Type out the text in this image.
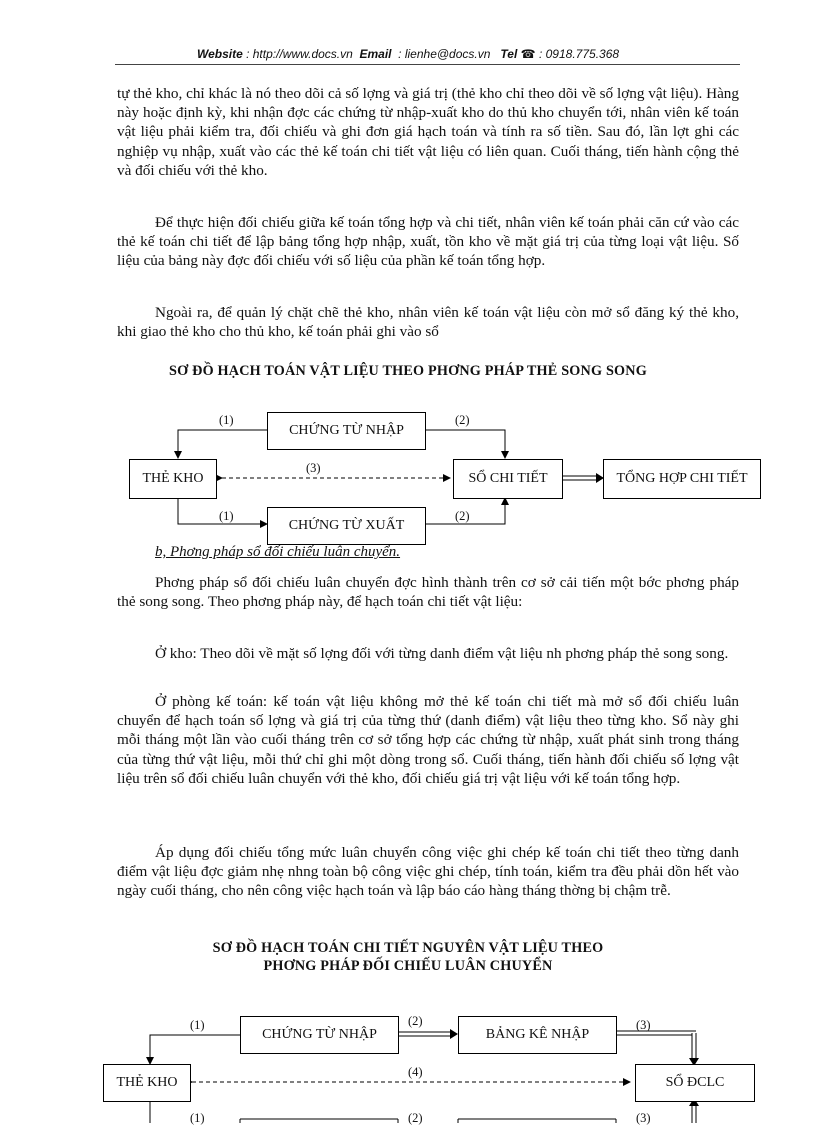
Website : http://www.docs.vn Email : lienhe@docs.vn Tel ☎ : 0918.775.368

tự thẻ kho, chỉ khác là nó theo dõi cả số lợng và giá trị (thẻ kho chỉ theo dõi về số lợng vật liệu). Hàng này hoặc định kỳ, khi nhận đợc các chứng từ nhập-xuất kho do thủ kho chuyển tới, nhân viên kế toán vật liệu phải kiểm tra, đối chiếu và ghi đơn giá hạch toán và tính ra số tiền. Sau đó, lần lợt ghi các nghiệp vụ nhập, xuất vào các thẻ kế toán chi tiết vật liệu có liên quan. Cuối tháng, tiến hành cộng thẻ và đối chiếu với thẻ kho.

Để thực hiện đối chiếu giữa kế toán tổng hợp và chi tiết, nhân viên kế toán phải căn cứ vào các thẻ kế toán chi tiết để lập bảng tổng hợp nhập, xuất, tồn kho về mặt giá trị của từng loại vật liệu. Số liệu của bảng này đợc đối chiếu với số liệu của phần kế toán tổng hợp.

Ngoài ra, để quản lý chặt chẽ thẻ kho, nhân viên kế toán vật liệu còn mở sổ đăng ký thẻ kho, khi giao thẻ kho cho thủ kho, kế toán phải ghi vào sổ

SƠ ĐỒ HẠCH TOÁN VẬT LIỆU THEO PHƠNG PHÁP THẺ SONG SONG
CHỨNG TỪ NHẬP
THẺ KHO	SỔ CHI TIẾT	TỔNG HỢP CHI TIẾT
CHỨNG TỪ XUẤT
(1)	(2)
(3)
(1)	(2)
b, Phơng pháp sổ đối chiếu luân chuyển.

Phơng pháp sổ đối chiếu luân chuyển đợc hình thành trên cơ sở cải tiến một bớc phơng pháp thẻ song song. Theo phơng pháp này, để hạch toán chi tiết vật liệu:

Ở kho: Theo dõi về mặt số lợng đối với từng danh điểm vật liệu nh phơng pháp thẻ song song.

Ở phòng kế toán: kế toán vật liệu không mở thẻ kế toán chi tiết mà mở sổ đối chiếu luân chuyển để hạch toán số lợng và giá trị của từng thứ (danh điểm) vật liệu theo từng kho. Sổ này ghi mỗi tháng một lần vào cuối tháng trên cơ sở tổng hợp các chứng từ nhập, xuất phát sinh trong tháng của từng thứ vật liệu, mỗi thứ chỉ ghi một dòng trong sổ. Cuối tháng, tiến hành đối chiếu số lợng vật liệu trên sổ đối chiếu luân chuyển với thẻ kho, đối chiếu giá trị vật liệu với kế toán tổng hợp.

Áp dụng đối chiếu tổng mức luân chuyển công việc ghi chép kế toán chi tiết theo từng danh điểm vật liệu đợc giảm nhẹ nhng toàn bộ công việc ghi chép, tính toán, kiểm tra đều phải dồn hết vào ngày cuối tháng, cho nên công việc hạch toán và lập báo cáo hàng tháng thờng bị chậm trễ.

SƠ ĐỒ HẠCH TOÁN CHI TIẾT NGUYÊN VẬT LIỆU THEO
PHƠNG PHÁP ĐỐI CHIẾU LUÂN CHUYỂN
CHỨNG TỪ NHẬP	BẢNG KÊ NHẬP
THẺ KHO	SỔ ĐCLC
(1)	(2)	(3)
(4)
(1)	(2)	(3)
